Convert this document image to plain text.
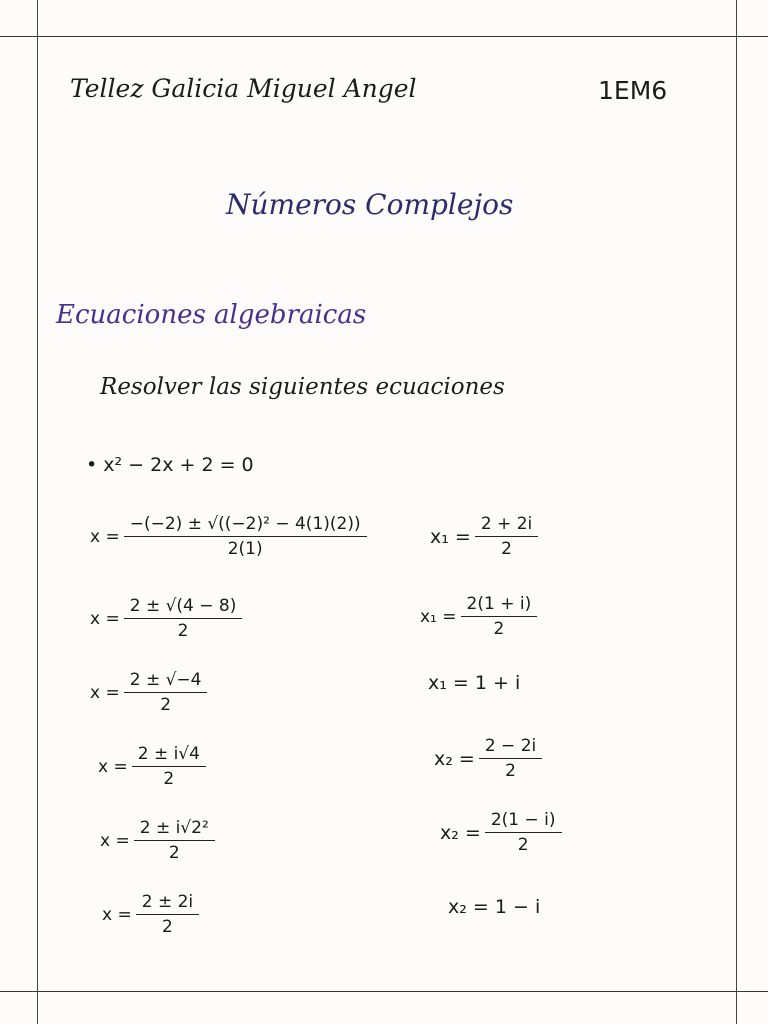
Tellez Galicia Miguel Angel	1EM6
Números Complejos
Ecuaciones algebraicas
Resolver las siguientes ecuaciones
• x² − 2x + 2 = 0
$x = \frac{\text{−(−2) ± √((−2)² − 4(1)(2))}}{2(1)}$
$x = \frac{2 \pm √(4 - 8)}{2}$
$x = \frac{2 \pm √-4}{2}$
$x = \frac{2 \pm i√4}{2}$
$x = \frac{\text{2 ± i√2²}}{2}$
$x = \frac{2 \pm 2i}{2}$
$x_1 = \frac{2 + 2i}{2}$
$x_1 = \frac{2(1 + i)}{2}$
x₁ = 1 + i
$x_2 = \frac{2 - 2i}{2}$
$x_2 = \frac{2(1 - i)}{2}$
x₂ = 1 − i
